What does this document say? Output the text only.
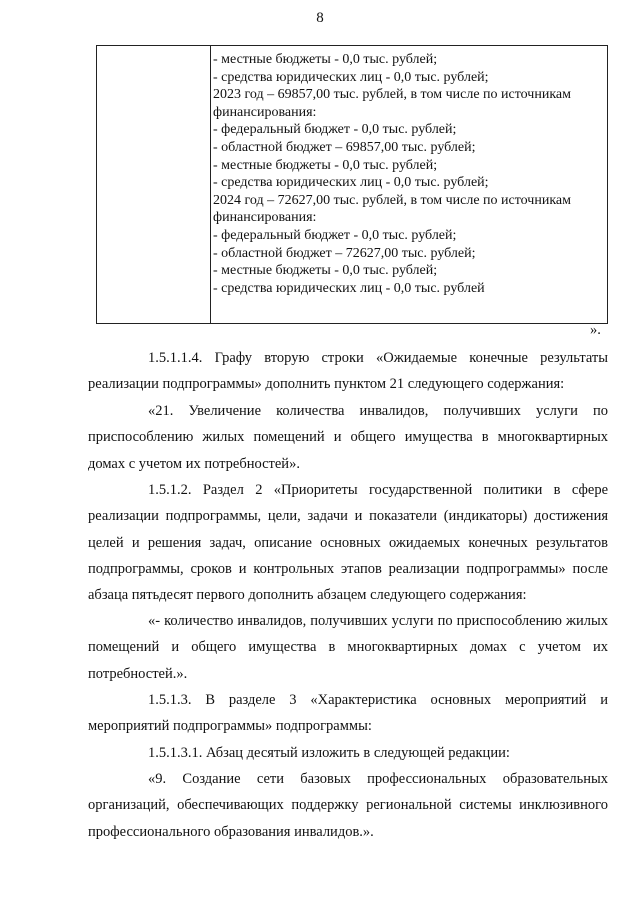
8
- местные бюджеты - 0,0 тыс. рублей;
- средства юридических лиц - 0,0 тыс. рублей;
2023 год – 69857,00 тыс. рублей, в том числе по источникам
финансирования:
- федеральный бюджет - 0,0 тыс. рублей;
- областной бюджет – 69857,00 тыс. рублей;
- местные бюджеты - 0,0 тыс. рублей;
- средства юридических лиц - 0,0 тыс. рублей;
2024 год – 72627,00 тыс. рублей, в том числе по источникам
финансирования:
- федеральный бюджет - 0,0 тыс. рублей;
- областной бюджет – 72627,00 тыс. рублей;
- местные бюджеты - 0,0 тыс. рублей;
- средства юридических лиц - 0,0 тыс. рублей
».

1.5.1.1.4. Графу вторую строки «Ожидаемые конечные результаты
реализации подпрограммы» дополнить пунктом 21 следующего содержания:

«21. Увеличение количества инвалидов, получивших услуги по
приспособлению жилых помещений и общего имущества в многоквартирных
домах с учетом их потребностей».

1.5.1.2. Раздел 2 «Приоритеты государственной политики в сфере
реализации подпрограммы, цели, задачи и показатели (индикаторы) достижения
целей и решения задач, описание основных ожидаемых конечных результатов
подпрограммы, сроков и контрольных этапов реализации подпрограммы» после
абзаца пятьдесят первого дополнить абзацем следующего содержания:

«- количество инвалидов, получивших услуги по приспособлению жилых
помещений и общего имущества в многоквартирных домах с учетом их
потребностей.».

1.5.1.3. В разделе 3 «Характеристика основных мероприятий и
мероприятий подпрограммы» подпрограммы:

1.5.1.3.1. Абзац десятый изложить в следующей редакции:

«9. Создание сети базовых профессиональных образовательных
организаций, обеспечивающих поддержку региональной системы инклюзивного
профессионального образования инвалидов.».
